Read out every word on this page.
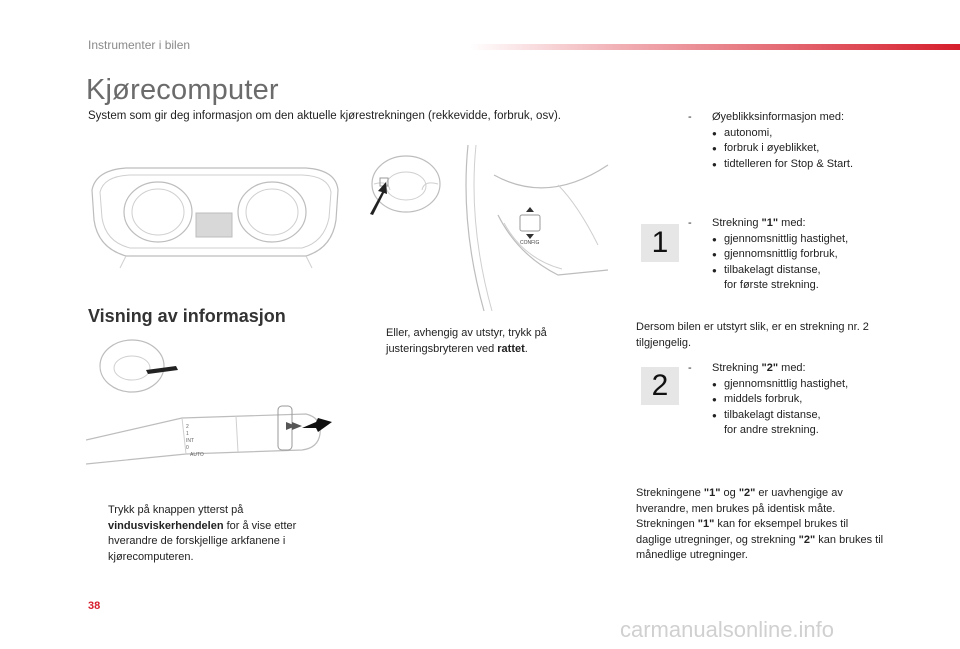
Instrumenter i bilen
Kjørecomputer
System som gir deg informasjon om den aktuelle kjørestrekningen (rekkevidde, forbruk, osv).
CONFIG
Visning av informasjon
2
1
INT
0
AUTO
Eller, avhengig av utstyr, trykk på justeringsbryteren ved rattet.
Trykk på knappen ytterst på vindusviskerhendelen for å vise etter hverandre de forskjellige arkfanene i kjørecomputeren.
- Øyeblikksinformasjon med:
● autonomi,
● forbruk i øyeblikket,
● tidtelleren for Stop & Start.
1
- Strekning "1" med:
● gjennomsnittlig hastighet,
● gjennomsnittlig forbruk,
● tilbakelagt distanse,
for første strekning.
Dersom bilen er utstyrt slik, er en strekning nr. 2 tilgjengelig.
2
- Strekning "2" med:
● gjennomsnittlig hastighet,
● middels forbruk,
● tilbakelagt distanse,
for andre strekning.
Strekningene "1" og "2" er uavhengige av hverandre, men brukes på identisk måte. Strekningen "1" kan for eksempel brukes til daglige utregninger, og strekning "2" kan brukes til månedlige utregninger.
38
carmanualsonline.info
